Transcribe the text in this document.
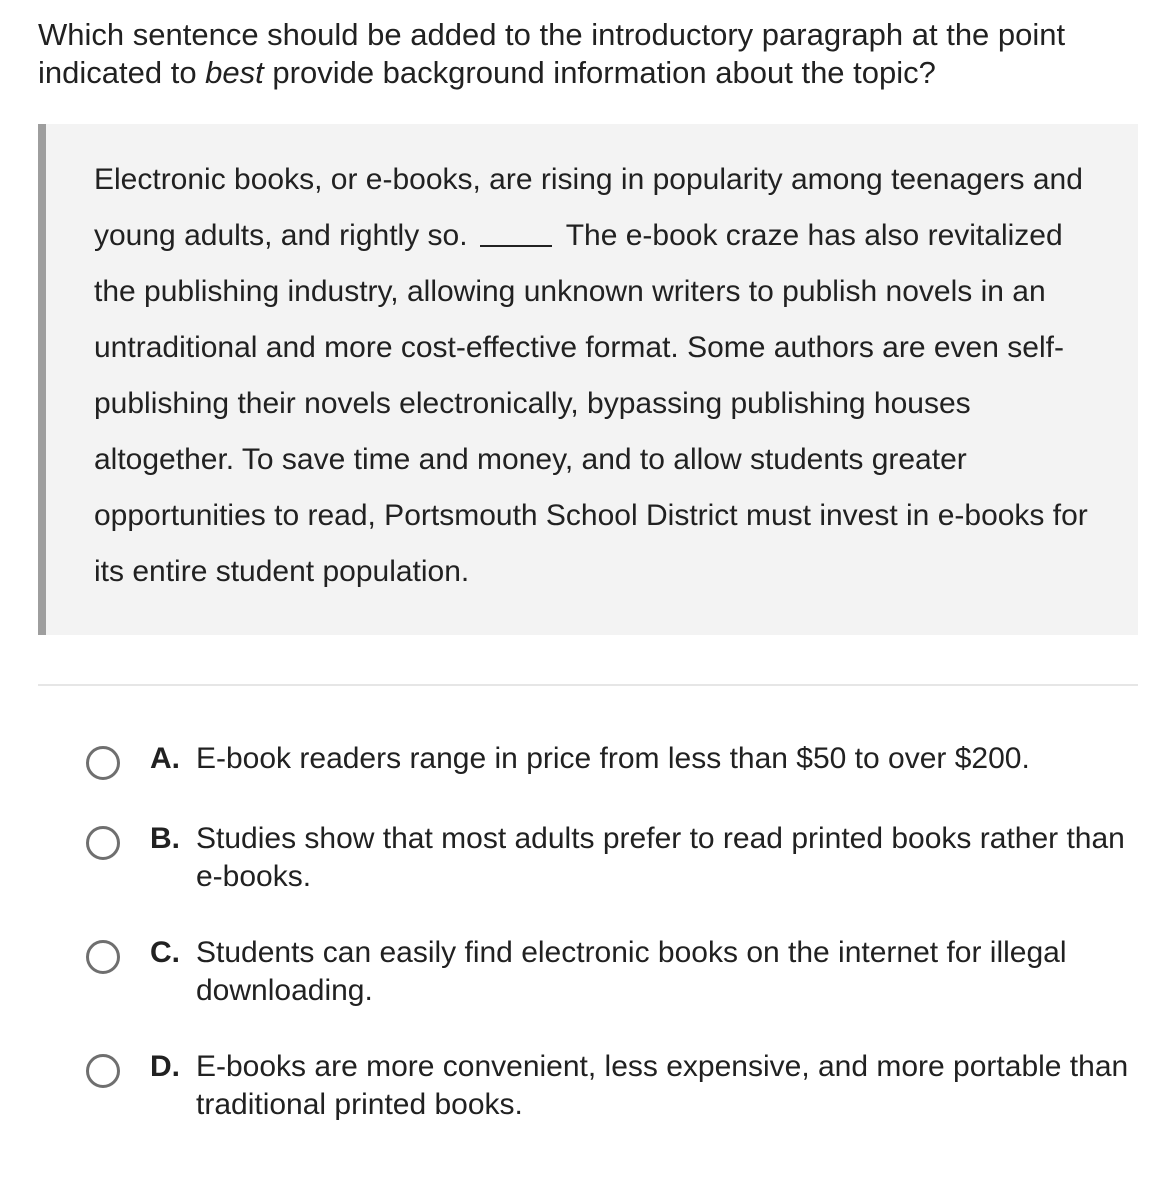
Which sentence should be added to the introductory paragraph at the point indicated to best provide background information about the topic?

Electronic books, or e-books, are rising in popularity among teenagers and young adults, and rightly so.	The e-book craze has also revitalized the publishing industry, allowing unknown writers to publish novels in an untraditional and more cost-effective format. Some authors are even self-publishing their novels electronically, bypassing publishing houses altogether. To save time and money, and to allow students greater opportunities to read, Portsmouth School District must invest in e-books for its entire student population.

A. E-book readers range in price from less than $50 to over $200.
B. Studies show that most adults prefer to read printed books rather than e-books.
C. Students can easily find electronic books on the internet for illegal downloading.
D. E-books are more convenient, less expensive, and more portable than traditional printed books.
